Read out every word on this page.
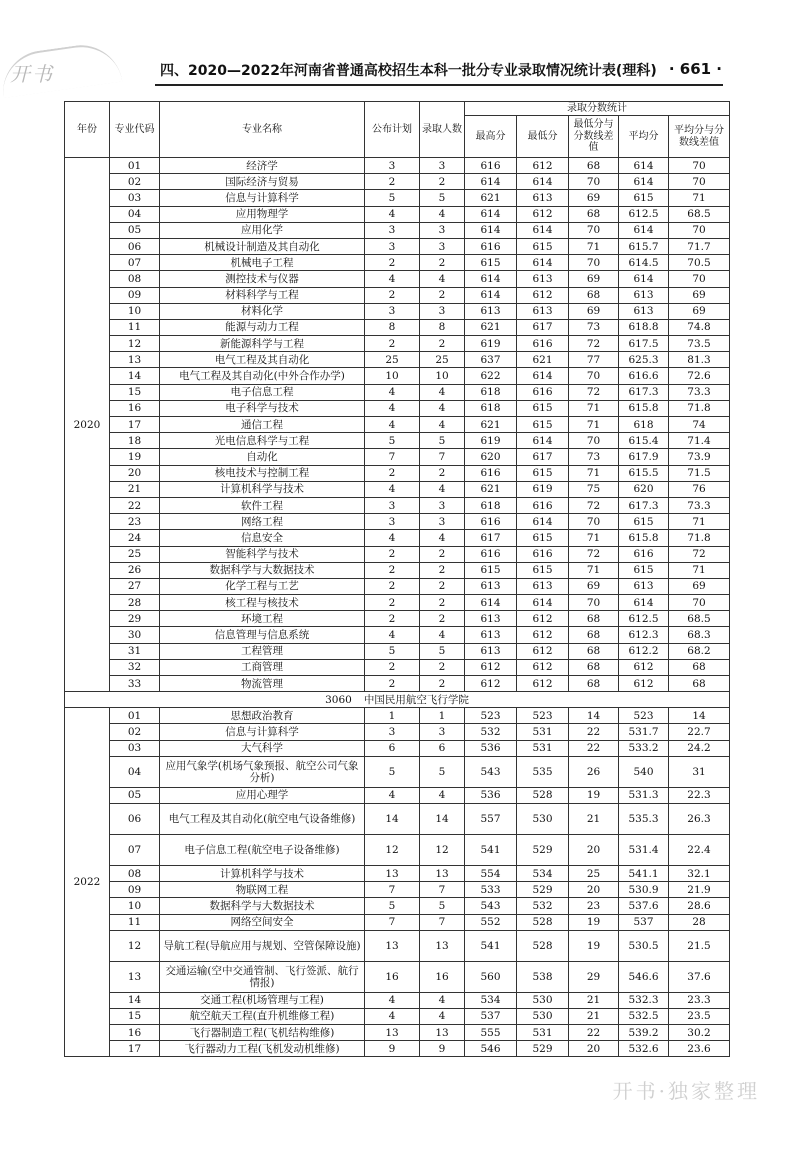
开书	四、2020—2022年河南省普通高校招生本科一批分专业录取情况统计表(理科) · 661 ·
年份	专业代码	专业名称	公布计划	录取人数	录取分数统计				
					最高分	最低分	最低分与分数线差值	平均分	平均分与分数线差值
2020	01	经济学	3	3	616	612	68	614	70
	02	国际经济与贸易	2	2	614	614	70	614	70
	03	信息与计算科学	5	5	621	613	69	615	71
	04	应用物理学	4	4	614	612	68	612.5	68.5
	05	应用化学	3	3	614	614	70	614	70
	06	机械设计制造及其自动化	3	3	616	615	71	615.7	71.7
	07	机械电子工程	2	2	615	614	70	614.5	70.5
	08	测控技术与仪器	4	4	614	613	69	614	70
	09	材料科学与工程	2	2	614	612	68	613	69
	10	材料化学	3	3	613	613	69	613	69
	11	能源与动力工程	8	8	621	617	73	618.8	74.8
	12	新能源科学与工程	2	2	619	616	72	617.5	73.5
	13	电气工程及其自动化	25	25	637	621	77	625.3	81.3
	14	电气工程及其自动化(中外合作办学)	10	10	622	614	70	616.6	72.6
	15	电子信息工程	4	4	618	616	72	617.3	73.3
	16	电子科学与技术	4	4	618	615	71	615.8	71.8
	17	通信工程	4	4	621	615	71	618	74
	18	光电信息科学与工程	5	5	619	614	70	615.4	71.4
	19	自动化	7	7	620	617	73	617.9	73.9
	20	核电技术与控制工程	2	2	616	615	71	615.5	71.5
	21	计算机科学与技术	4	4	621	619	75	620	76
	22	软件工程	3	3	618	616	72	617.3	73.3
	23	网络工程	3	3	616	614	70	615	71
	24	信息安全	4	4	617	615	71	615.8	71.8
	25	智能科学与技术	2	2	616	616	72	616	72
	26	数据科学与大数据技术	2	2	615	615	71	615	71
	27	化学工程与工艺	2	2	613	613	69	613	69
	28	核工程与核技术	2	2	614	614	70	614	70
	29	环境工程	2	2	613	612	68	612.5	68.5
	30	信息管理与信息系统	4	4	613	612	68	612.3	68.3
	31	工程管理	5	5	613	612	68	612.2	68.2
	32	工商管理	2	2	612	612	68	612	68
	33	物流管理	2	2	612	612	68	612	68
3060 中国民用航空飞行学院									
2022	01	思想政治教育	1	1	523	523	14	523	14
	02	信息与计算科学	3	3	532	531	22	531.7	22.7
	03	大气科学	6	6	536	531	22	533.2	24.2
	04	应用气象学(机场气象预报、航空公司气象分析)	5	5	543	535	26	540	31
	05	应用心理学	4	4	536	528	19	531.3	22.3
	06	电气工程及其自动化(航空电气设备维修)	14	14	557	530	21	535.3	26.3
	07	电子信息工程(航空电子设备维修)	12	12	541	529	20	531.4	22.4
	08	计算机科学与技术	13	13	554	534	25	541.1	32.1
	09	物联网工程	7	7	533	529	20	530.9	21.9
	10	数据科学与大数据技术	5	5	543	532	23	537.6	28.6
	11	网络空间安全	7	7	552	528	19	537	28
	12	导航工程(导航应用与规划、空管保障设施)	13	13	541	528	19	530.5	21.5
	13	交通运输(空中交通管制、飞行签派、航行情报)	16	16	560	538	29	546.6	37.6
	14	交通工程(机场管理与工程)	4	4	534	530	21	532.3	23.3
	15	航空航天工程(直升机维修工程)	4	4	537	530	21	532.5	23.5
	16	飞行器制造工程(飞机结构维修)	13	13	555	531	22	539.2	30.2
	17	飞行器动力工程(飞机发动机维修)	9	9	546	529	20	532.6	23.6
开书·独家整理
